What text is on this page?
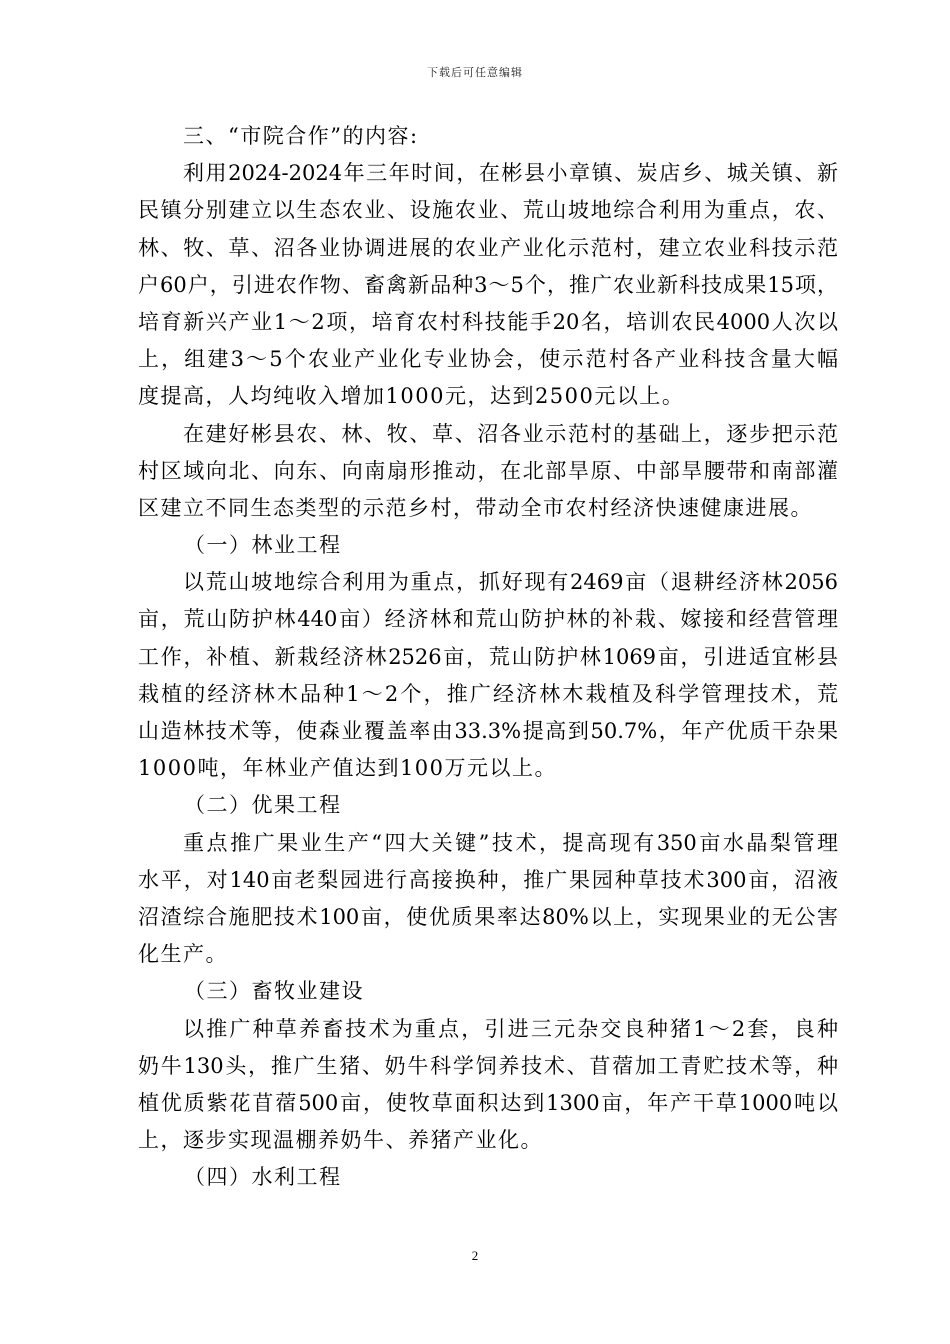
下载后可任意编辑
三、“市院合作”的内容:
利用2024-2024年三年时间，在彬县小章镇、炭店乡、城关镇、新
民镇分别建立以生态农业、设施农业、荒山坡地综合利用为重点，农、
林、牧、草、沼各业协调进展的农业产业化示范村，建立农业科技示范
户60户，引进农作物、畜禽新品种3～5个，推广农业新科技成果15项，
培育新兴产业1～2项，培育农村科技能手20名，培训农民4000人次以
上，组建3～5个农业产业化专业协会，使示范村各产业科技含量大幅
度提高，人均纯收入增加1000元，达到2500元以上。
在建好彬县农、林、牧、草、沼各业示范村的基础上，逐步把示范
村区域向北、向东、向南扇形推动，在北部旱原、中部旱腰带和南部灌
区建立不同生态类型的示范乡村，带动全市农村经济快速健康进展。
（一）林业工程
以荒山坡地综合利用为重点，抓好现有2469亩（退耕经济林2056
亩，荒山防护林440亩）经济林和荒山防护林的补栽、嫁接和经营管理
工作，补植、新栽经济林2526亩，荒山防护林1069亩，引进适宜彬县
栽植的经济林木品种1～2个，推广经济林木栽植及科学管理技术，荒
山造林技术等，使森业覆盖率由33.3%提高到50.7%，年产优质干杂果
1000吨，年林业产值达到100万元以上。
（二）优果工程
重点推广果业生产“四大关键”技术，提高现有350亩水晶梨管理
水平，对140亩老梨园进行高接换种，推广果园种草技术300亩，沼液
沼渣综合施肥技术100亩，使优质果率达80%以上，实现果业的无公害
化生产。
（三）畜牧业建设
以推广种草养畜技术为重点，引进三元杂交良种猪1～2套，良种
奶牛130头，推广生猪、奶牛科学饲养技术、苜蓿加工青贮技术等，种
植优质紫花苜蓿500亩，使牧草面积达到1300亩，年产干草1000吨以
上，逐步实现温棚养奶牛、养猪产业化。
（四）水利工程
2
